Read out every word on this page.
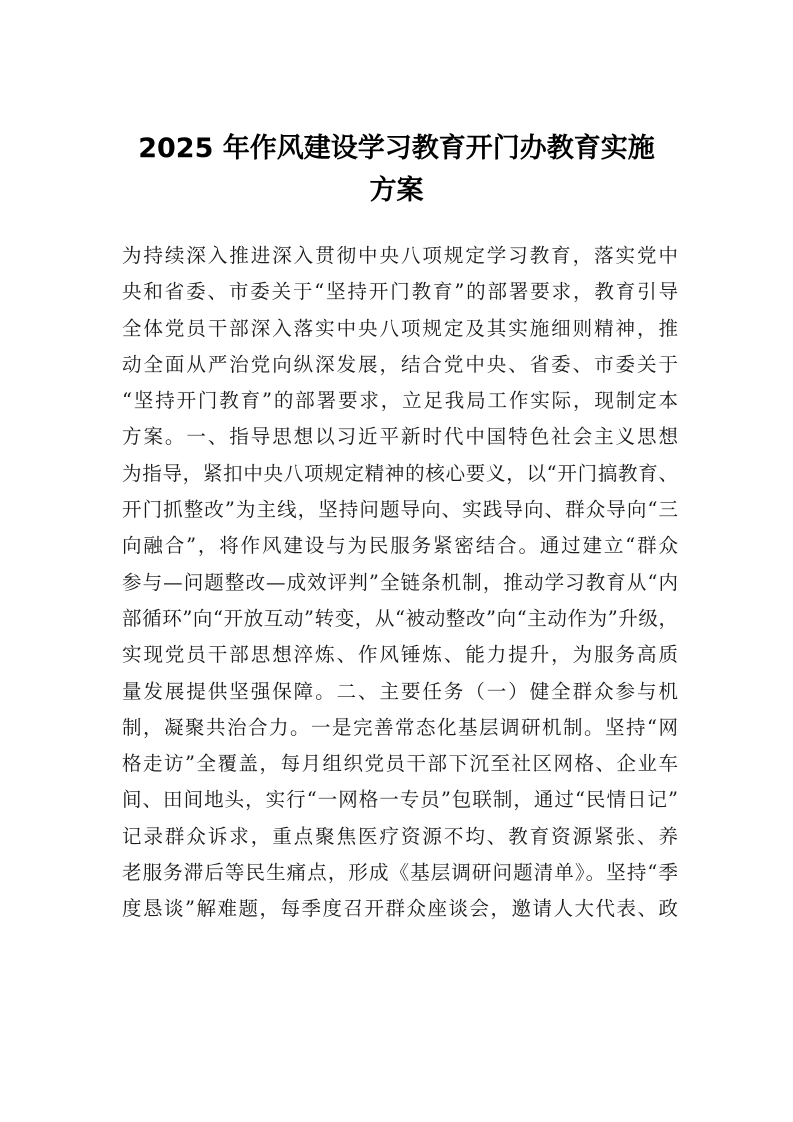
2025 年作风建设学习教育开门办教育实施
方案
为持续深入推进深入贯彻中央八项规定学习教育，落实党中
央和省委、市委关于“坚持开门教育”的部署要求，教育引导
全体党员干部深入落实中央八项规定及其实施细则精神，推
动全面从严治党向纵深发展，结合党中央、省委、市委关于
“坚持开门教育”的部署要求，立足我局工作实际，现制定本
方案。一、指导思想以习近平新时代中国特色社会主义思想
为指导，紧扣中央八项规定精神的核心要义，以“开门搞教育、
开门抓整改”为主线，坚持问题导向、实践导向、群众导向“三
向融合”，将作风建设与为民服务紧密结合。通过建立“群众
参与—问题整改—成效评判”全链条机制，推动学习教育从“内
部循环”向“开放互动”转变，从“被动整改”向“主动作为”升级，
实现党员干部思想淬炼、作风锤炼、能力提升，为服务高质
量发展提供坚强保障。二、主要任务（一）健全群众参与机
制，凝聚共治合力。一是完善常态化基层调研机制。坚持“网
格走访”全覆盖，每月组织党员干部下沉至社区网格、企业车
间、田间地头，实行“一网格一专员”包联制，通过“民情日记”
记录群众诉求，重点聚焦医疗资源不均、教育资源紧张、养
老服务滞后等民生痛点，形成《基层调研问题清单》。坚持“季
度恳谈”解难题，每季度召开群众座谈会，邀请人大代表、政
